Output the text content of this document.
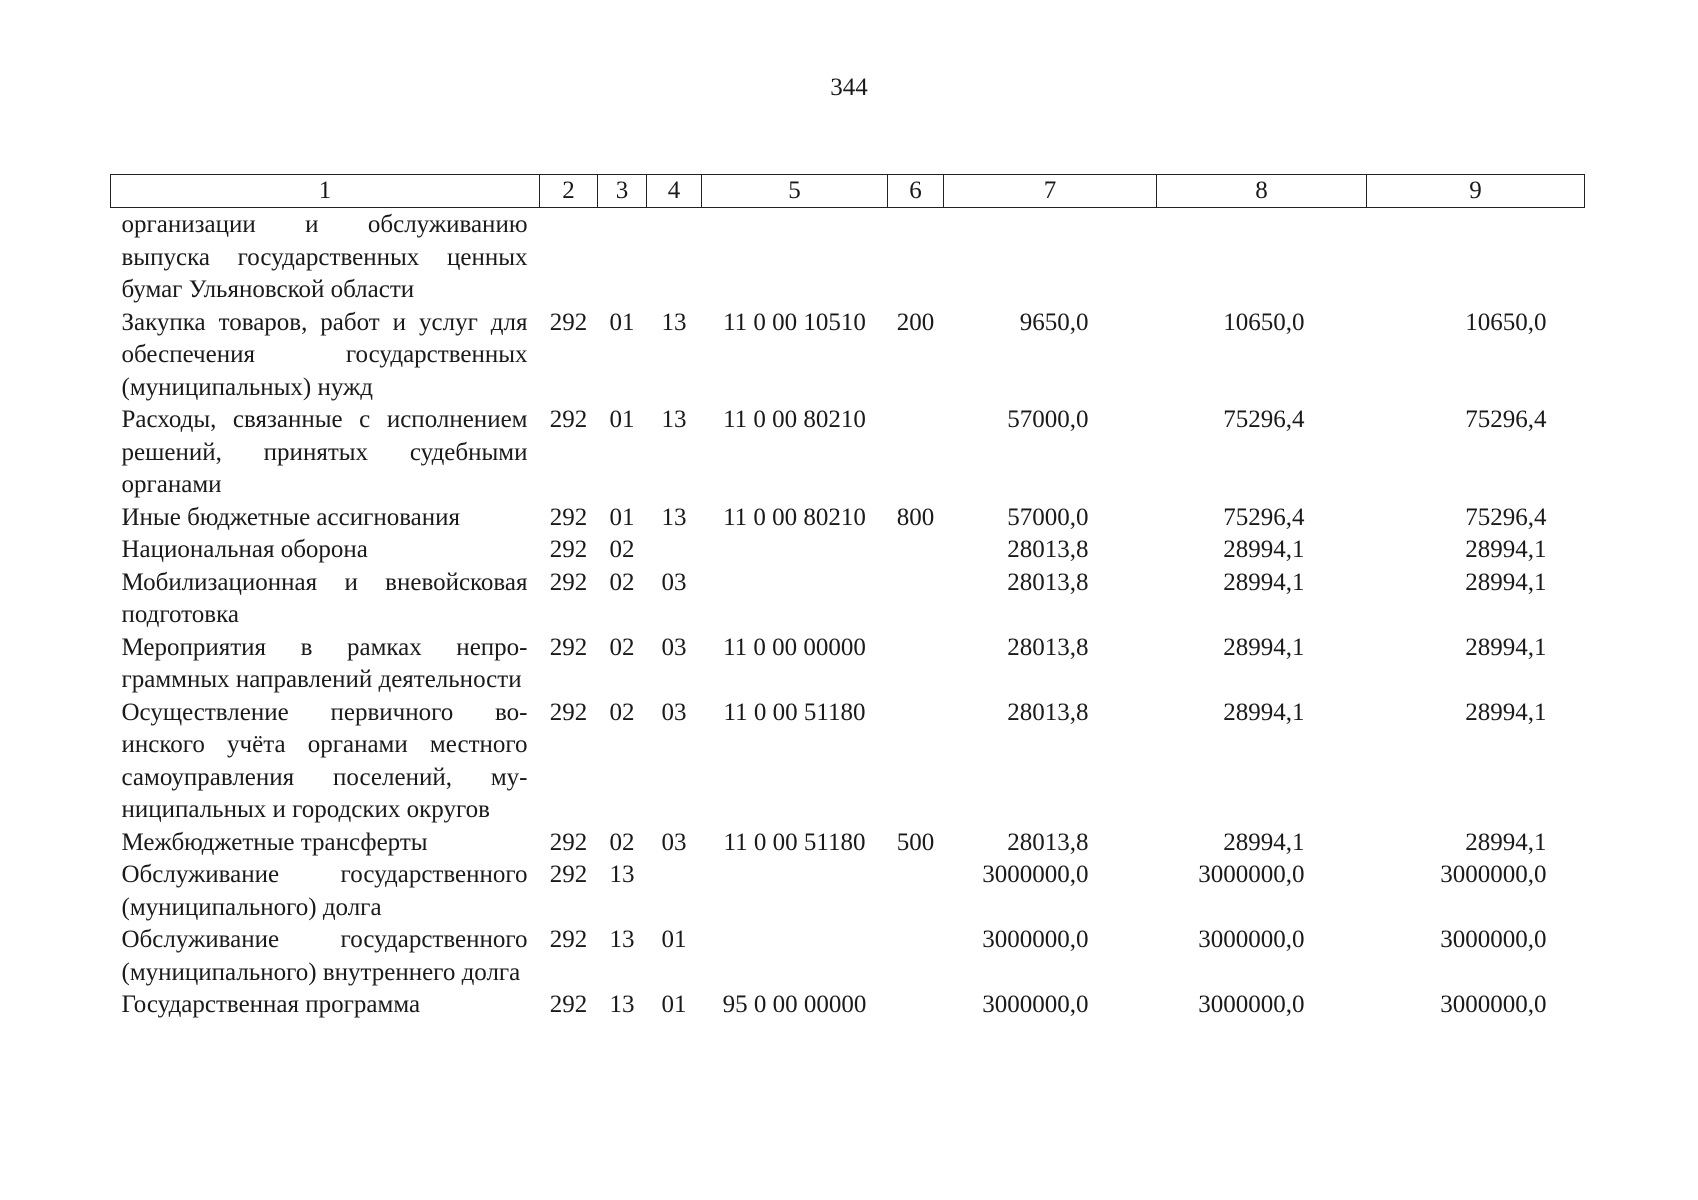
344
1	2	3	4	5	6	7	8	9
организации и обслуживанию выпуска государственных ценных бумаг Ульяновской области								
Закупка товаров, работ и услуг для обеспечения государственных (муниципальных) нужд	292	01	13	11 0 00 10510	200	9650,0	10650,0	10650,0
Расходы, связанные с исполнением решений, принятых судебными органами	292	01	13	11 0 00 80210		57000,0	75296,4	75296,4
Иные бюджетные ассигнования	292	01	13	11 0 00 80210	800	57000,0	75296,4	75296,4
Национальная оборона	292	02				28013,8	28994,1	28994,1
Мобилизационная и вневойсковая подготовка	292	02	03			28013,8	28994,1	28994,1
Мероприятия в рамках непрограммных направлений деятельности	292	02	03	11 0 00 00000		28013,8	28994,1	28994,1
Осуществление первичного воинского учёта органами местного самоуправления поселений, муниципальных и городских округов	292	02	03	11 0 00 51180		28013,8	28994,1	28994,1
Межбюджетные трансферты	292	02	03	11 0 00 51180	500	28013,8	28994,1	28994,1
Обслуживание государственного (муниципального) долга	292	13				3000000,0	3000000,0	3000000,0
Обслуживание государственного (муниципального) внутреннего долга	292	13	01			3000000,0	3000000,0	3000000,0
Государственная программа	292	13	01	95 0 00 00000		3000000,0	3000000,0	3000000,0
